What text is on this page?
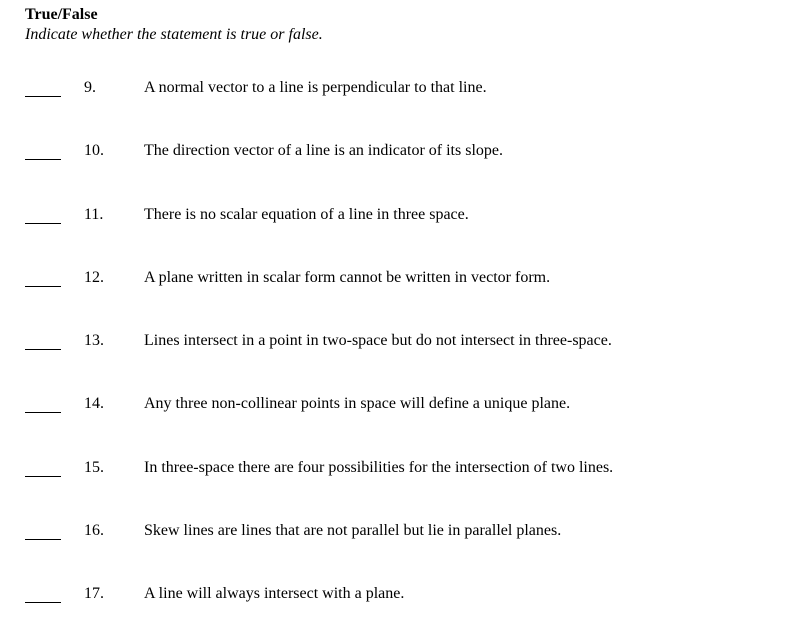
True/False
Indicate whether the statement is true or false.
9.	A normal vector to a line is perpendicular to that line.
10.	The direction vector of a line is an indicator of its slope.
11.	There is no scalar equation of a line in three space.
12.	A plane written in scalar form cannot be written in vector form.
13.	Lines intersect in a point in two-space but do not intersect in three-space.
14.	Any three non-collinear points in space will define a unique plane.
15.	In three-space there are four possibilities for the intersection of two lines.
16.	Skew lines are lines that are not parallel but lie in parallel planes.
17.	A line will always intersect with a plane.
